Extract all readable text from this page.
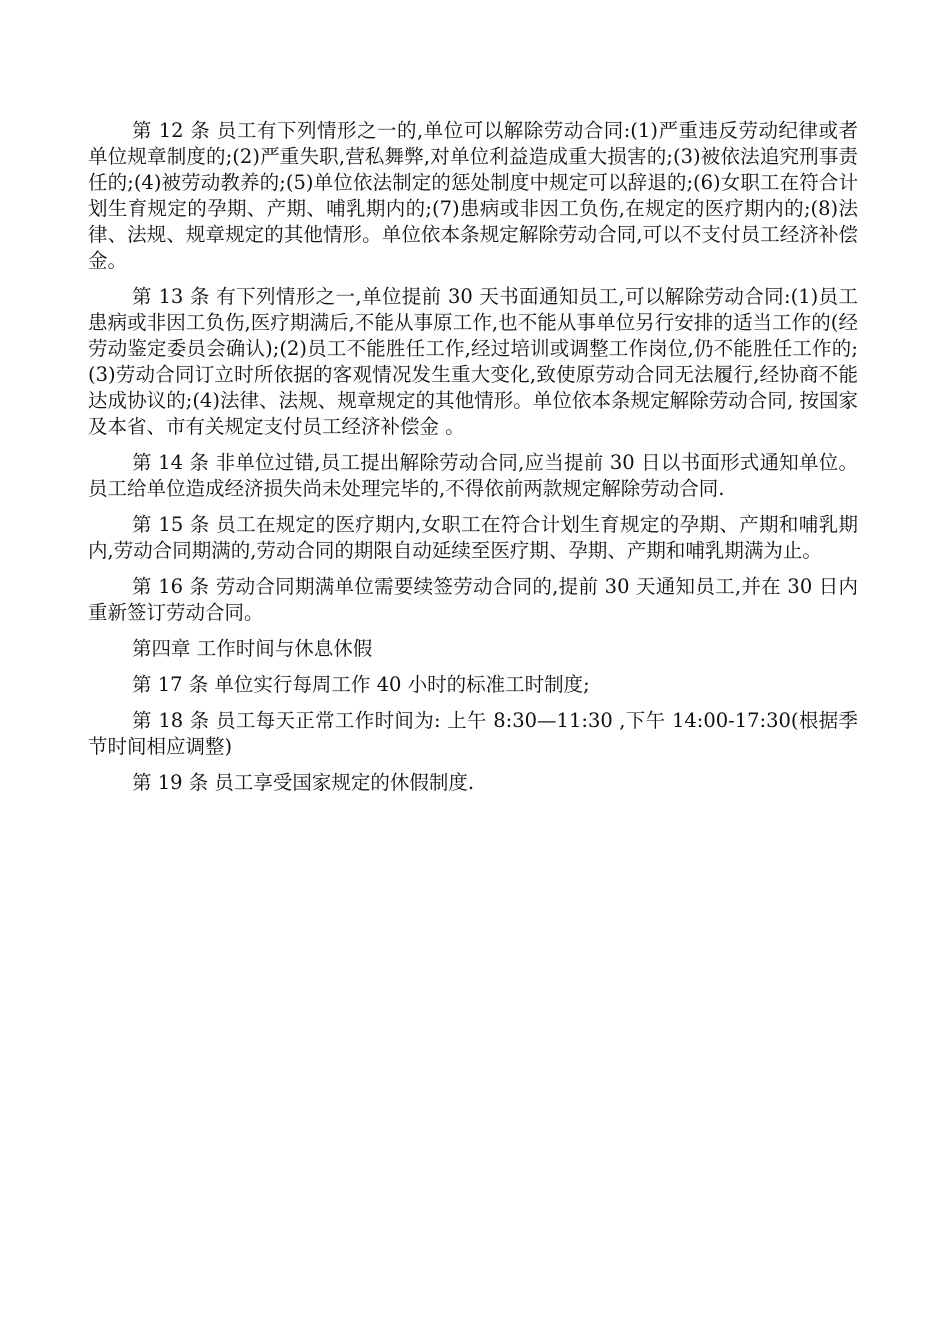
第 12 条 员工有下列情形之一的,单位可以解除劳动合同:(1)严重违反劳动纪律或者单位规章制度的;(2)严重失职,营私舞弊,对单位利益造成重大损害的;(3)被依法追究刑事责任的;(4)被劳动教养的;(5)单位依法制定的惩处制度中规定可以辞退的;(6)女职工在符合计划生育规定的孕期、产期、哺乳期内的;(7)患病或非因工负伤,在规定的医疗期内的;(8)法律、法规、规章规定的其他情形。单位依本条规定解除劳动合同,可以不支付员工经济补偿金。

第 13 条 有下列情形之一,单位提前 30 天书面通知员工,可以解除劳动合同:(1)员工患病或非因工负伤,医疗期满后,不能从事原工作,也不能从事单位另行安排的适当工作的(经劳动鉴定委员会确认);(2)员工不能胜任工作,经过培训或调整工作岗位,仍不能胜任工作的;(3)劳动合同订立时所依据的客观情况发生重大变化,致使原劳动合同无法履行,经协商不能达成协议的;(4)法律、法规、规章规定的其他情形。单位依本条规定解除劳动合同, 按国家及本省、市有关规定支付员工经济补偿金 。

第 14 条 非单位过错,员工提出解除劳动合同,应当提前 30 日以书面形式通知单位。员工给单位造成经济损失尚未处理完毕的,不得依前两款规定解除劳动合同.

第 15 条 员工在规定的医疗期内,女职工在符合计划生育规定的孕期、产期和哺乳期内,劳动合同期满的,劳动合同的期限自动延续至医疗期、孕期、产期和哺乳期满为止。

第 16 条 劳动合同期满单位需要续签劳动合同的,提前 30 天通知员工,并在 30 日内重新签订劳动合同。

第四章 工作时间与休息休假

第 17 条 单位实行每周工作 40 小时的标准工时制度;

第 18 条 员工每天正常工作时间为: 上午 8:30—11:30 ,下午 14:00-17:30(根据季节时间相应调整)

第 19 条 员工享受国家规定的休假制度.
